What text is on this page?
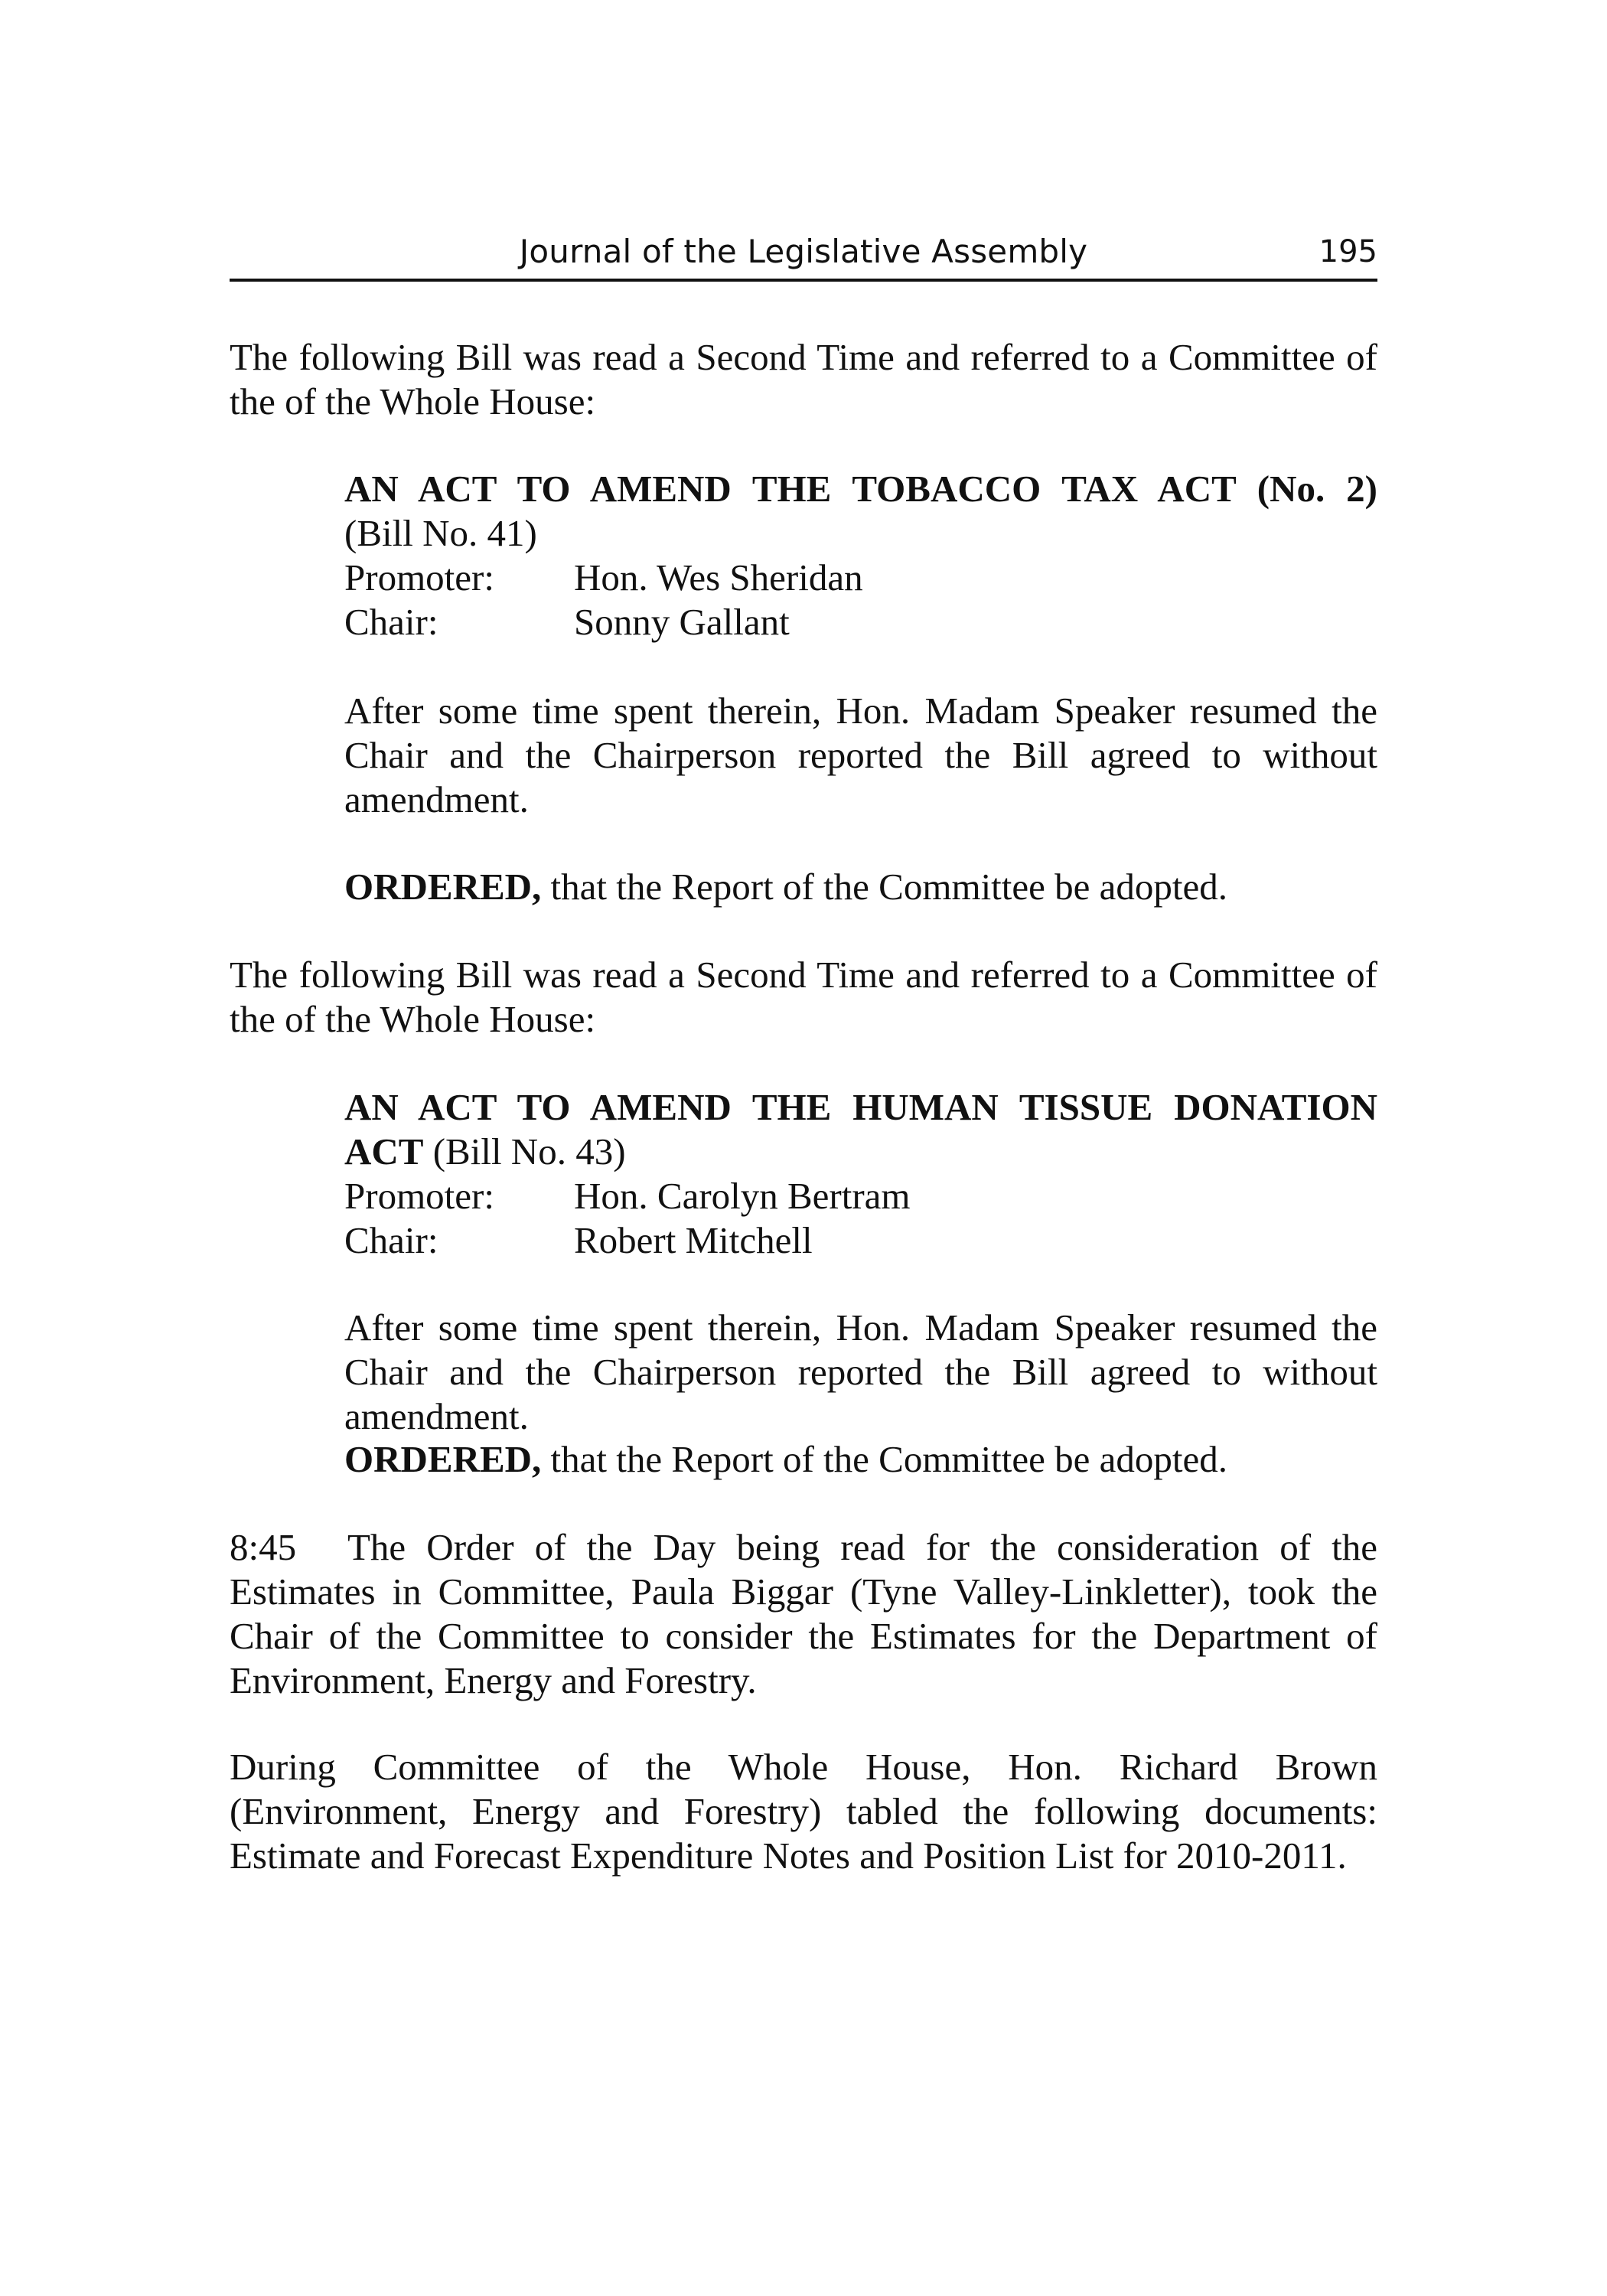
Journal of the Legislative Assembly	195

The following Bill was read a Second Time and referred to a Committee of the of the Whole House:

AN ACT TO AMEND THE TOBACCO TAX ACT (No. 2)

(Bill No. 41)

Promoter: Hon. Wes Sheridan

Chair:	Sonny Gallant

After some time spent therein, Hon. Madam Speaker resumed the Chair and the Chairperson reported the Bill agreed to without amendment.

ORDERED, that the Report of the Committee be adopted.

The following Bill was read a Second Time and referred to a Committee of the of the Whole House:

AN ACT TO AMEND THE HUMAN TISSUE DONATION

ACT (Bill No. 43)

Promoter: Hon. Carolyn Bertram

Chair:	Robert Mitchell

After some time spent therein, Hon. Madam Speaker resumed the Chair and the Chairperson reported the Bill agreed to without amendment.

ORDERED, that the Report of the Committee be adopted.

8:45 The Order of the Day being read for the consideration of the Estimates in Committee, Paula Biggar (Tyne Valley-Linkletter), took the Chair of the Committee to consider the Estimates for the Department of Environment, Energy and Forestry.

During Committee of the Whole House, Hon. Richard Brown (Environment, Energy and Forestry) tabled the following documents: Estimate and Forecast Expenditure Notes and Position List for 2010-2011.
